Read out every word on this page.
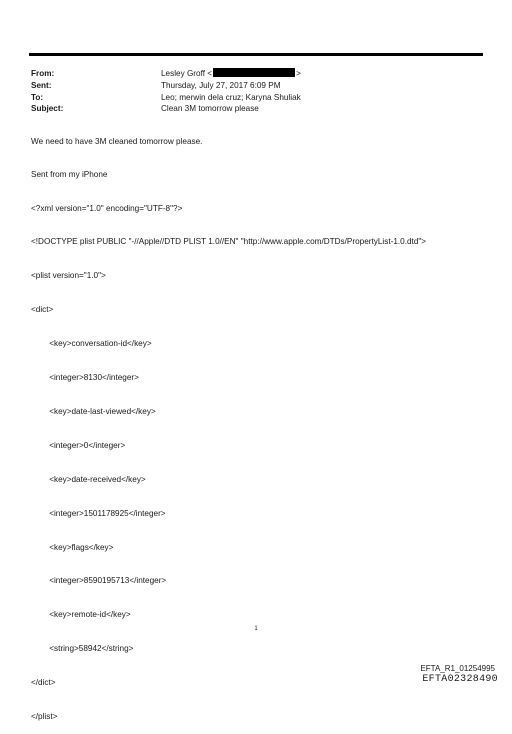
From:	Lesley Groff <	>
Sent:	Thursday, July 27, 2017 6:09 PM
To:	Leo; merwin dela cruz; Karyna Shuliak
Subject:	Clean 3M tomorrow please
We need to have 3M cleaned tomorrow please.
Sent from my iPhone

<?xml version="1.0" encoding="UTF-8"?>

<!DOCTYPE plist PUBLIC "-//Apple//DTD PLIST 1.0//EN" "http://www.apple.com/DTDs/PropertyList-1.0.dtd">

<plist version="1.0">

<dict>

<key>conversation-id</key>

<integer>8130</integer>

<key>date-last-viewed</key>

<integer>0</integer>

<key>date-received</key>

<integer>1501178925</integer>

<key>flags</key>

<integer>8590195713</integer>

<key>remote-id</key>

<string>58942</string>

</dict>

</plist>

1
EFTA_R1_01254995
EFTA02328490
